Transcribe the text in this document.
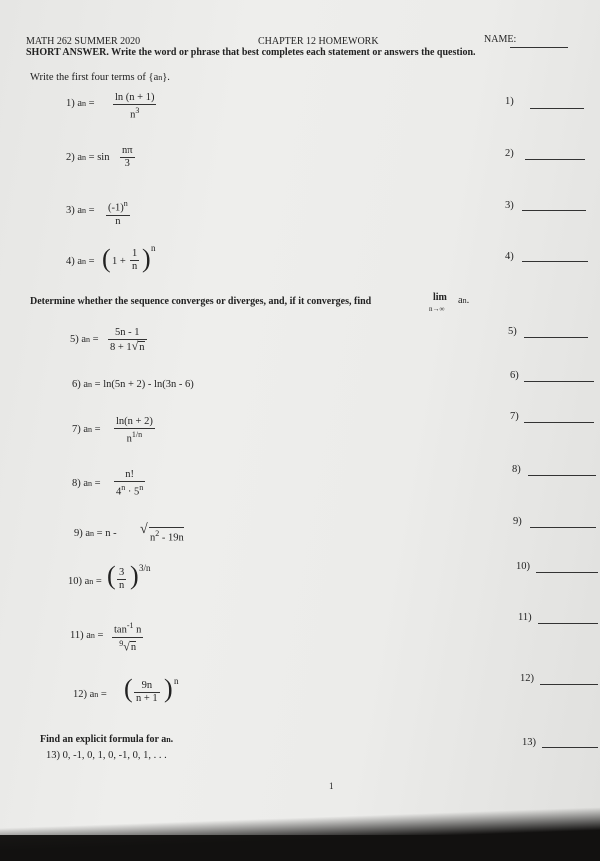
MATH 262 SUMMER 2020	CHAPTER 12 HOMEWORK	NAME:
SHORT ANSWER. Write the word or phrase that best completes each statement or answers the question.
Write the first four terms of {an}.
1) an = $\frac{\ln (n + 1)}{n^3}$	1)
2) an = $\sin \frac{n\pi}{3}$	2)
3) an = $\frac{(-1)^n}{n}$	3)
4) an = ( $1 + \frac{1}{n}$ ) n
4)
Determine whether the sequence converges or diverges, and, if it converges, find	lim
n→∞
an.
5) an = $\frac{5n - 1}{8 + 1√n}$	5)
6) an = ln(5n + 2) - ln(3n - 6)
6)
7) an = $\frac{\ln(n + 2)}{n^{1/n}}$	7)
8) an = $\frac{n!}{4^n \cdot 5^n}$	8)
9) an = n - √
$n^2 - 19n$
9)
10) an = ( $\frac{3}{n}$ ) 3/n	10)
11) an = $\frac{\tan^{-1} n}{^9√n}$
11)
12) an = ( $\frac{9n}{n + 1}$ ) n	12)
Find an explicit formula for an.
13) 0, -1, 0, 1, 0, -1, 0, 1, . . .
13)
1
